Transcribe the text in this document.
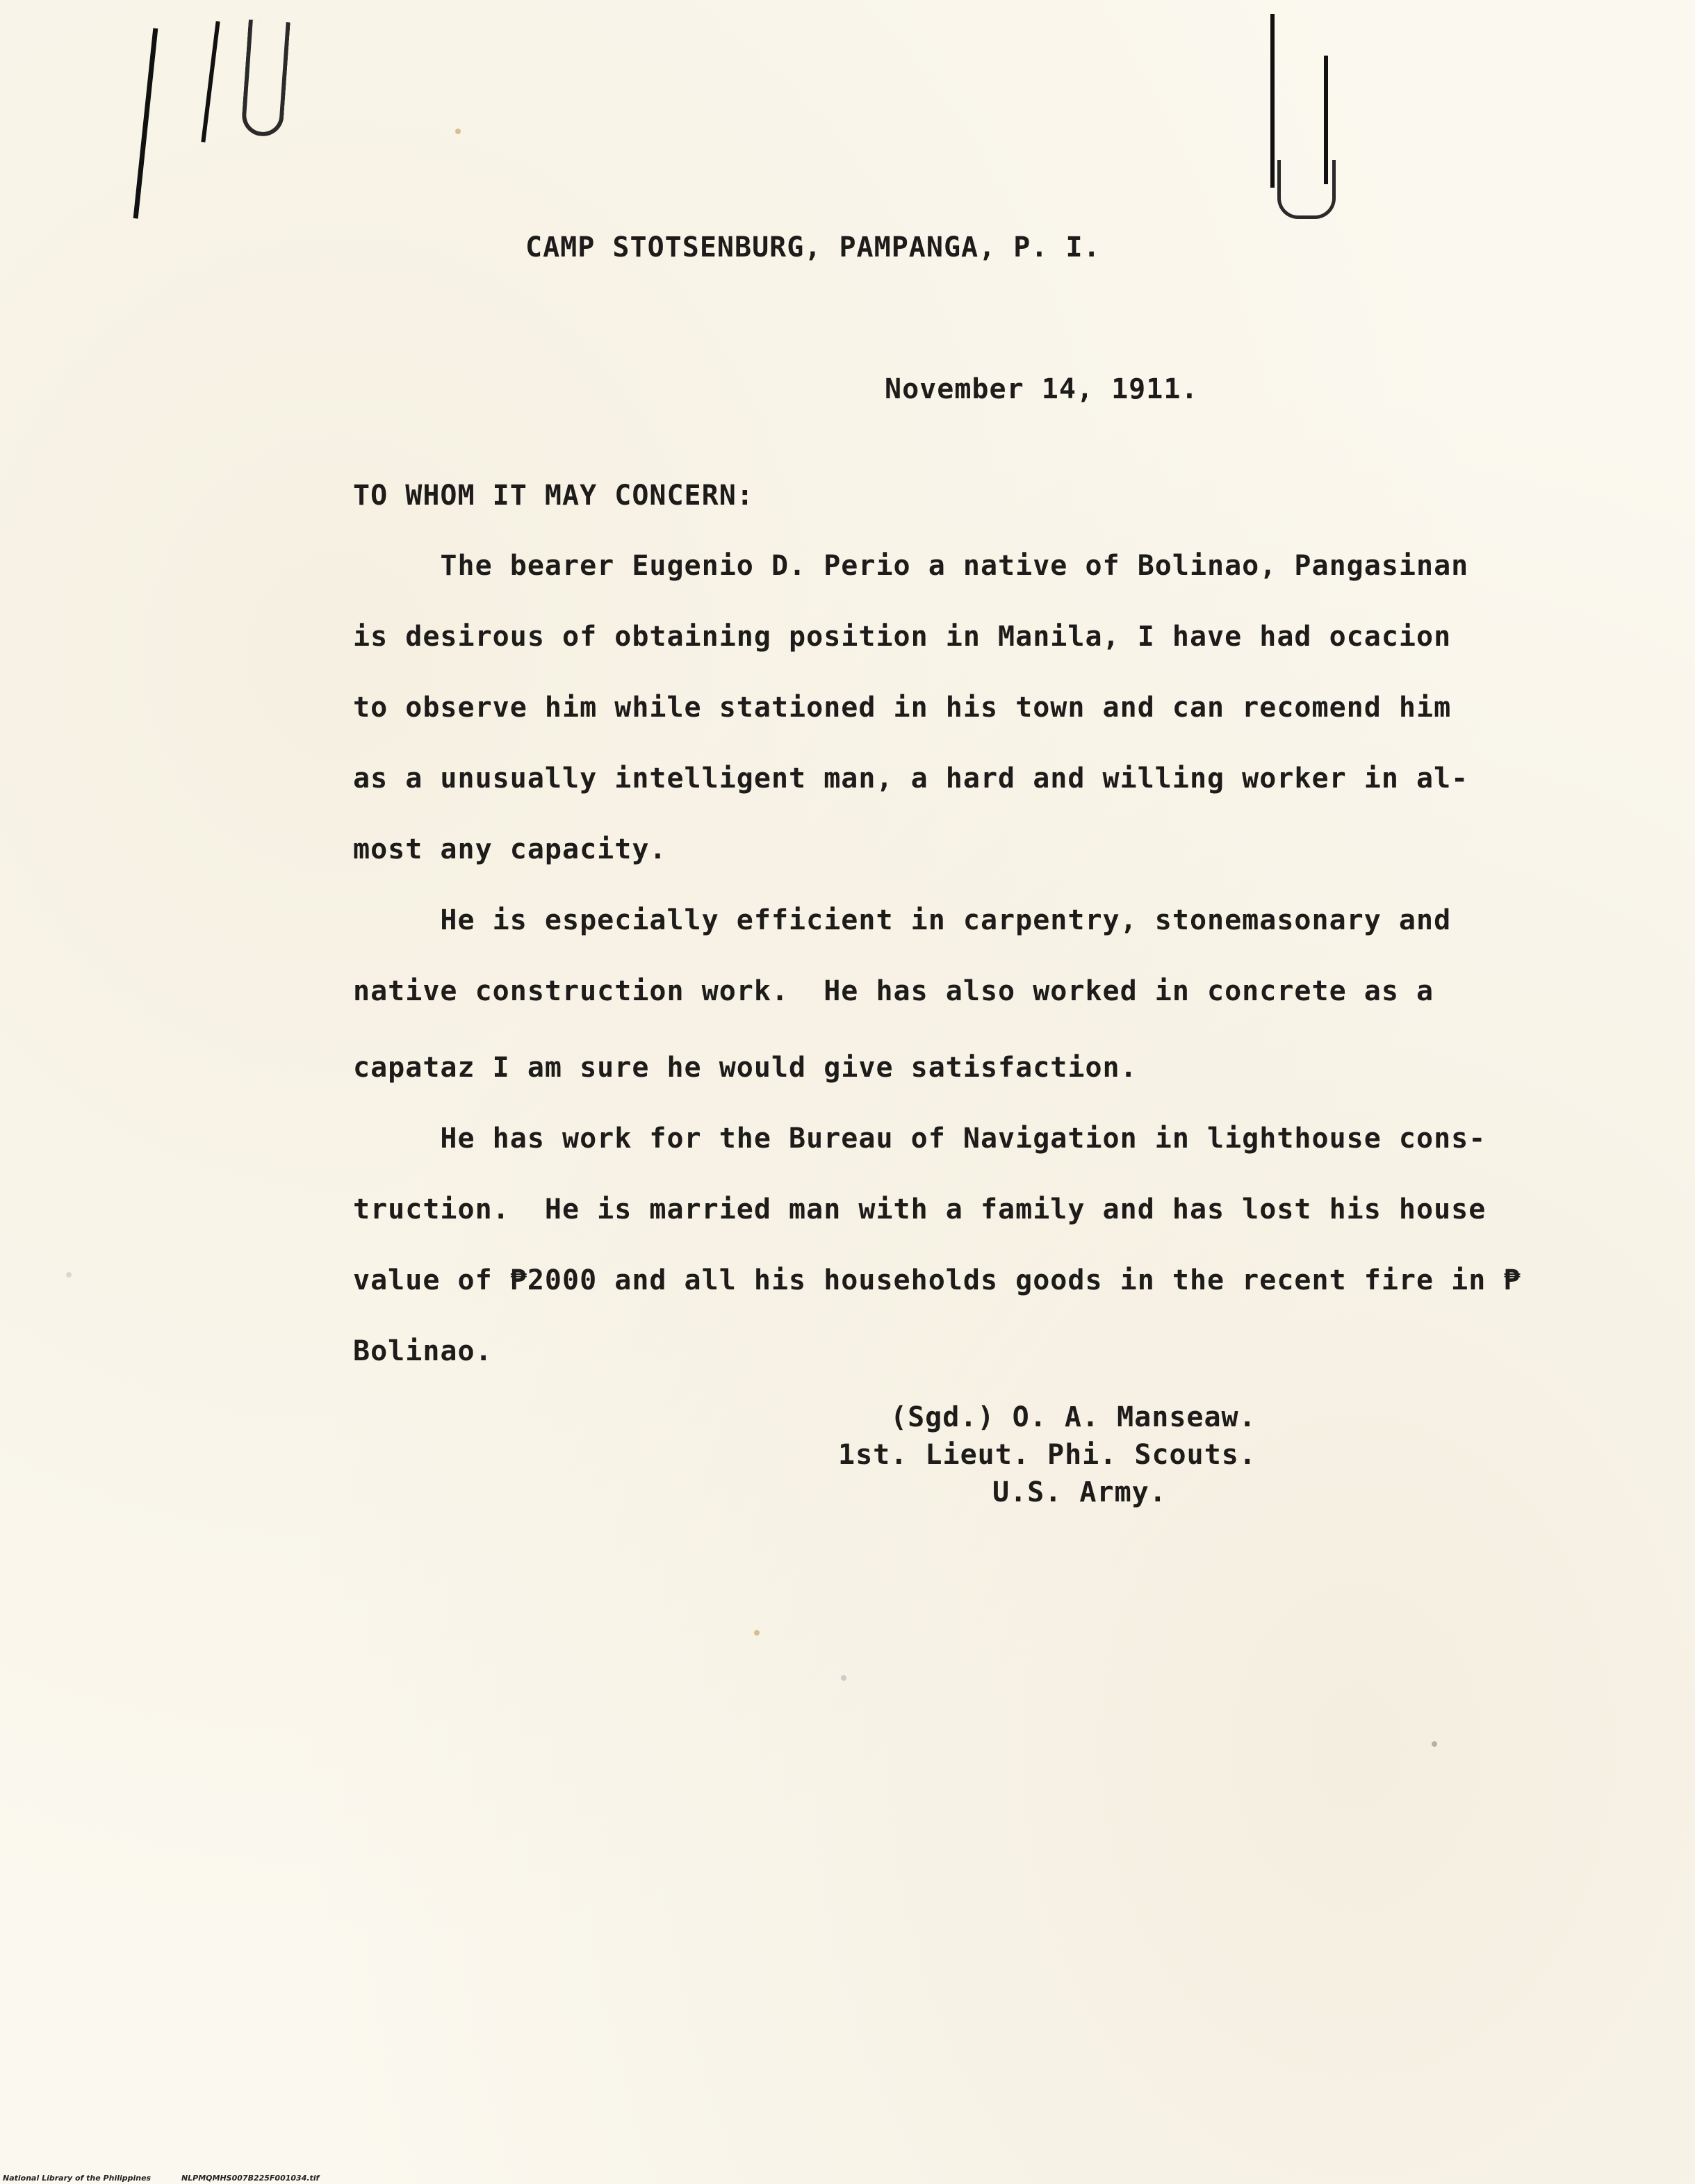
CAMP STOTSENBURG, PAMPANGA, P. I.
November 14, 1911.
TO WHOM IT MAY CONCERN:
The bearer Eugenio D. Perio a native of Bolinao, Pangasinan
is desirous of obtaining position in Manila, I have had ocacion
to observe him while stationed in his town and can recomend him
as a unusually intelligent man, a hard and willing worker in al-
most any capacity.
He is especially efficient in carpentry, stonemasonary and
native construction work.  He has also worked in concrete as a
capataz I am sure he would give satisfaction.
He has work for the Bureau of Navigation in lighthouse cons-
truction.  He is married man with a family and has lost his house
value of ₱2000 and all his households goods in the recent fire in ₱
Bolinao.
(Sgd.) O. A. Manseaw.
1st. Lieut. Phi. Scouts.
U.S. Army.
National Library of the Philippines	NLPMQMHS007B225F001034.tif
